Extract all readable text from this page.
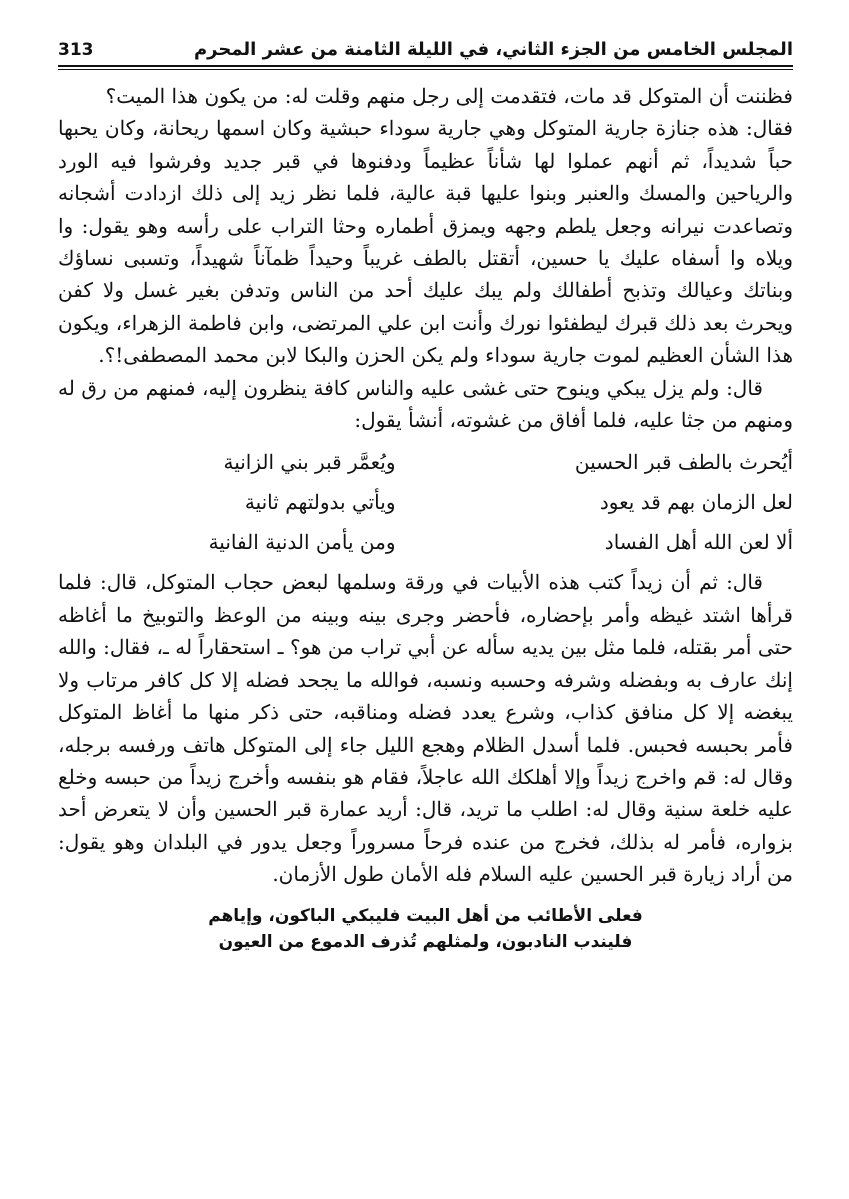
المجلس الخامس من الجزء الثاني، في الليلة الثامنة من عشر المحرم
313

فظننت أن المتوكل قد مات، فتقدمت إلى رجل منهم وقلت له: من يكون هذا الميت؟

فقال: هذه جنازة جارية المتوكل وهي جارية سوداء حبشية وكان اسمها ريحانة، وكان يحبها حباً شديداً، ثم أنهم عملوا لها شأناً عظيماً ودفنوها في قبر جديد وفرشوا فيه الورد والرياحين والمسك والعنبر وبنوا عليها قبة عالية، فلما نظر زيد إلى ذلك ازدادت أشجانه وتصاعدت نيرانه وجعل يلطم وجهه ويمزق أطماره وحثا التراب على رأسه وهو يقول: وا ويلاه وا أسفاه عليك يا حسين، أتقتل بالطف غريباً وحيداً ظمآناً شهيداً، وتسبى نساؤك وبناتك وعيالك وتذبح أطفالك ولم يبك عليك أحد من الناس وتدفن بغير غسل ولا كفن ويحرث بعد ذلك قبرك ليطفئوا نورك وأنت ابن علي المرتضى، وابن فاطمة الزهراء، ويكون هذا الشأن العظيم لموت جارية سوداء ولم يكن الحزن والبكا لابن محمد المصطفى!؟.

قال: ولم يزل يبكي وينوح حتى غشى عليه والناس كافة ينظرون إليه، فمنهم من رق له ومنهم من جثا عليه، فلما أفاق من غشوته، أنشأ يقول:

أيُحرث بالطف قبر الحسين
ويُعمَّر قبر بني الزانية
لعل الزمان بهم قد يعود
ويأتي بدولتهم ثانية
ألا لعن الله أهل الفساد
ومن يأمن الدنية الفانية

قال: ثم أن زيداً كتب هذه الأبيات في ورقة وسلمها لبعض حجاب المتوكل، قال: فلما قرأها اشتد غيظه وأمر بإحضاره، فأحضر وجرى بينه وبينه من الوعظ والتوبيخ ما أغاظه حتى أمر بقتله، فلما مثل بين يديه سأله عن أبي تراب من هو؟ ـ استحقاراً له ـ، فقال: والله إنك عارف به وبفضله وشرفه وحسبه ونسبه، فوالله ما يجحد فضله إلا كل كافر مرتاب ولا يبغضه إلا كل منافق كذاب، وشرع يعدد فضله ومناقبه، حتى ذكر منها ما أغاظ المتوكل فأمر بحبسه فحبس. فلما أسدل الظلام وهجع الليل جاء إلى المتوكل هاتف ورفسه برجله، وقال له: قم واخرج زيداً وإلا أهلكك الله عاجلاً، فقام هو بنفسه وأخرج زيداً من حبسه وخلع عليه خلعة سنية وقال له: اطلب ما تريد، قال: أريد عمارة قبر الحسين وأن لا يتعرض أحد بزواره، فأمر له بذلك، فخرج من عنده فرحاً مسروراً وجعل يدور في البلدان وهو يقول: من أراد زيارة قبر الحسين عليه السلام فله الأمان طول الأزمان.

فعلى الأطائب من أهل البيت فليبكي الباكون، وإياهم
فليندب النادبون، ولمثلهم تُذرف الدموع من العيون
